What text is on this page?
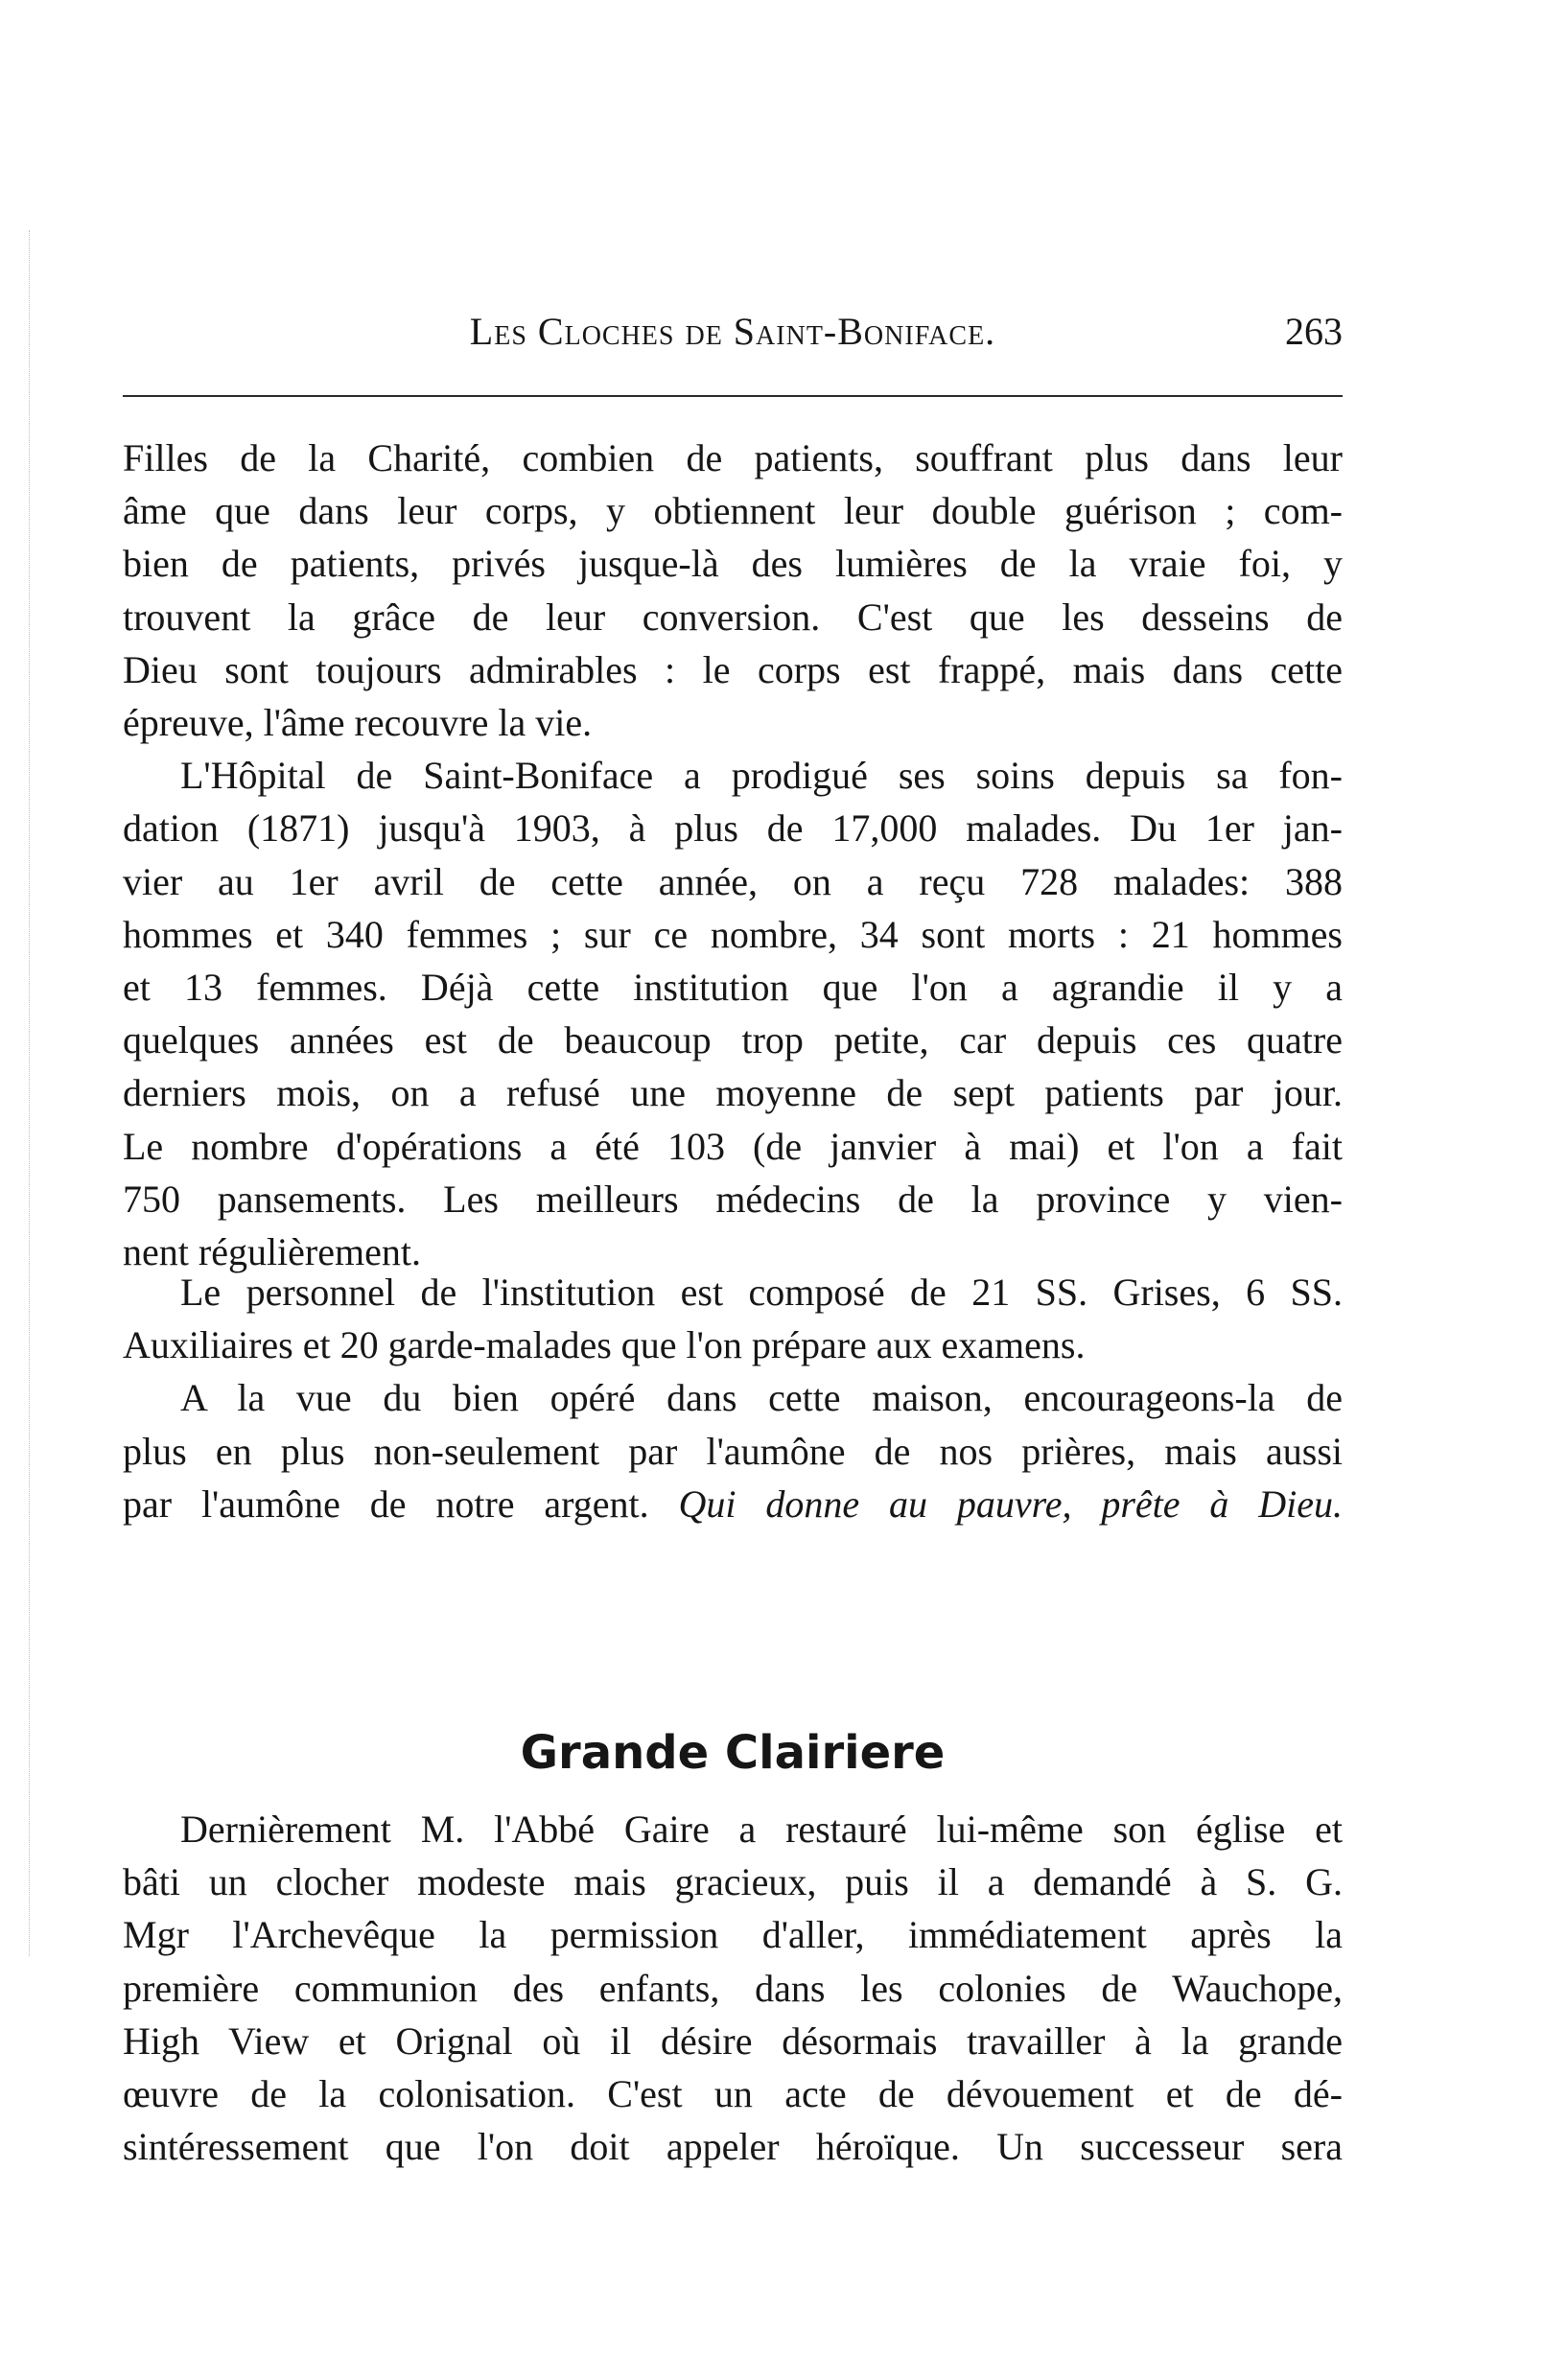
Les Cloches de Saint-Boniface.	263

Filles de la Charité, combien de patients, souffrant plus dans leur
âme que dans leur corps, y obtiennent leur double guérison ; com-
bien de patients, privés jusque-là des lumières de la vraie foi, y
trouvent la grâce de leur conversion. C'est que les desseins de
Dieu sont toujours admirables : le corps est frappé, mais dans cette
épreuve, l'âme recouvre la vie.

L'Hôpital de Saint-Boniface a prodigué ses soins depuis sa fon-
dation (1871) jusqu'à 1903, à plus de 17,000 malades. Du 1er jan-
vier au 1er avril de cette année, on a reçu 728 malades: 388
hommes et 340 femmes ; sur ce nombre, 34 sont morts : 21 hommes
et 13 femmes. Déjà cette institution que l'on a agrandie il y a
quelques années est de beaucoup trop petite, car depuis ces quatre
derniers mois, on a refusé une moyenne de sept patients par jour.
Le nombre d'opérations a été 103 (de janvier à mai) et l'on a fait
750 pansements. Les meilleurs médecins de la province y vien-
nent régulièrement.

Le personnel de l'institution est composé de 21 SS. Grises, 6 SS.
Auxiliaires et 20 garde-malades que l'on prépare aux examens.

A la vue du bien opéré dans cette maison, encourageons-la de
plus en plus non-seulement par l'aumône de nos prières, mais aussi
par l'aumône de notre argent. Qui donne au pauvre, prête à Dieu.

Grande Clairiere

Dernièrement M. l'Abbé Gaire a restauré lui-même son église et
bâti un clocher modeste mais gracieux, puis il a demandé à S. G.
Mgr l'Archevêque la permission d'aller, immédiatement après la
première communion des enfants, dans les colonies de Wauchope,
High View et Orignal où il désire désormais travailler à la grande
œuvre de la colonisation. C'est un acte de dévouement et de dé-
sintéressement que l'on doit appeler héroïque. Un successeur sera
